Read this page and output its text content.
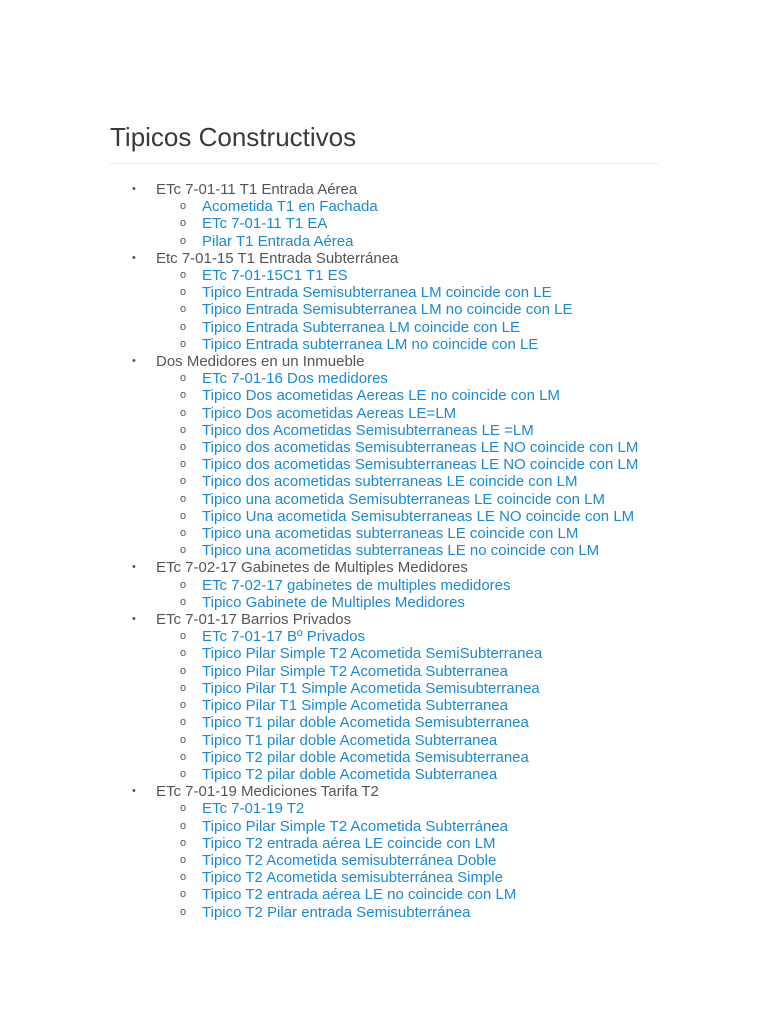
Tipicos Constructivos
• ETc 7-01-11 T1 Entrada Aérea
o Acometida T1 en Fachada
o ETc 7-01-11 T1 EA
o Pilar T1 Entrada Aérea
• Etc 7-01-15 T1 Entrada Subterránea
o ETc 7-01-15C1 T1 ES
o Tipico Entrada Semisubterranea LM coincide con LE
o Tipico Entrada Semisubterranea LM no coincide con LE
o Tipico Entrada Subterranea LM coincide con LE
o Tipico Entrada subterranea LM no coincide con LE
• Dos Medidores en un Inmueble
o ETc 7-01-16 Dos medidores
o Tipico Dos acometidas Aereas LE no coincide con LM
o Tipico Dos acometidas Aereas LE=LM
o Tipico dos Acometidas Semisubterraneas LE =LM
o Tipico dos acometidas Semisubterraneas LE NO coincide con LM
o Tipico dos acometidas Semisubterraneas LE NO coincide con LM
o Tipico dos acometidas subterraneas LE coincide con LM
o Tipico una acometida Semisubterraneas LE coincide con LM
o Tipico Una acometida Semisubterraneas LE NO coincide con LM
o Tipico una acometidas subterraneas LE coincide con LM
o Tipico una acometidas subterraneas LE no coincide con LM
• ETc 7-02-17 Gabinetes de Multiples Medidores
o ETc 7-02-17 gabinetes de multiples medidores
o Tipico Gabinete de Multiples Medidores
• ETc 7-01-17 Barrios Privados
o ETc 7-01-17 Bº Privados
o Tipico Pilar Simple T2 Acometida SemiSubterranea
o Tipico Pilar Simple T2 Acometida Subterranea
o Tipico Pilar T1 Simple Acometida Semisubterranea
o Tipico Pilar T1 Simple Acometida Subterranea
o Tipico T1 pilar doble Acometida Semisubterranea
o Tipico T1 pilar doble Acometida Subterranea
o Tipico T2 pilar doble Acometida Semisubterranea
o Tipico T2 pilar doble Acometida Subterranea
• ETc 7-01-19 Mediciones Tarifa T2
o ETc 7-01-19 T2
o Tipico Pilar Simple T2 Acometida Subterránea
o Tipico T2 entrada aérea LE coincide con LM
o Tipico T2 Acometida semisubterránea Doble
o Tipico T2 Acometida semisubterránea Simple
o Tipico T2 entrada aérea LE no coincide con LM
o Tipico T2 Pilar entrada Semisubterránea
